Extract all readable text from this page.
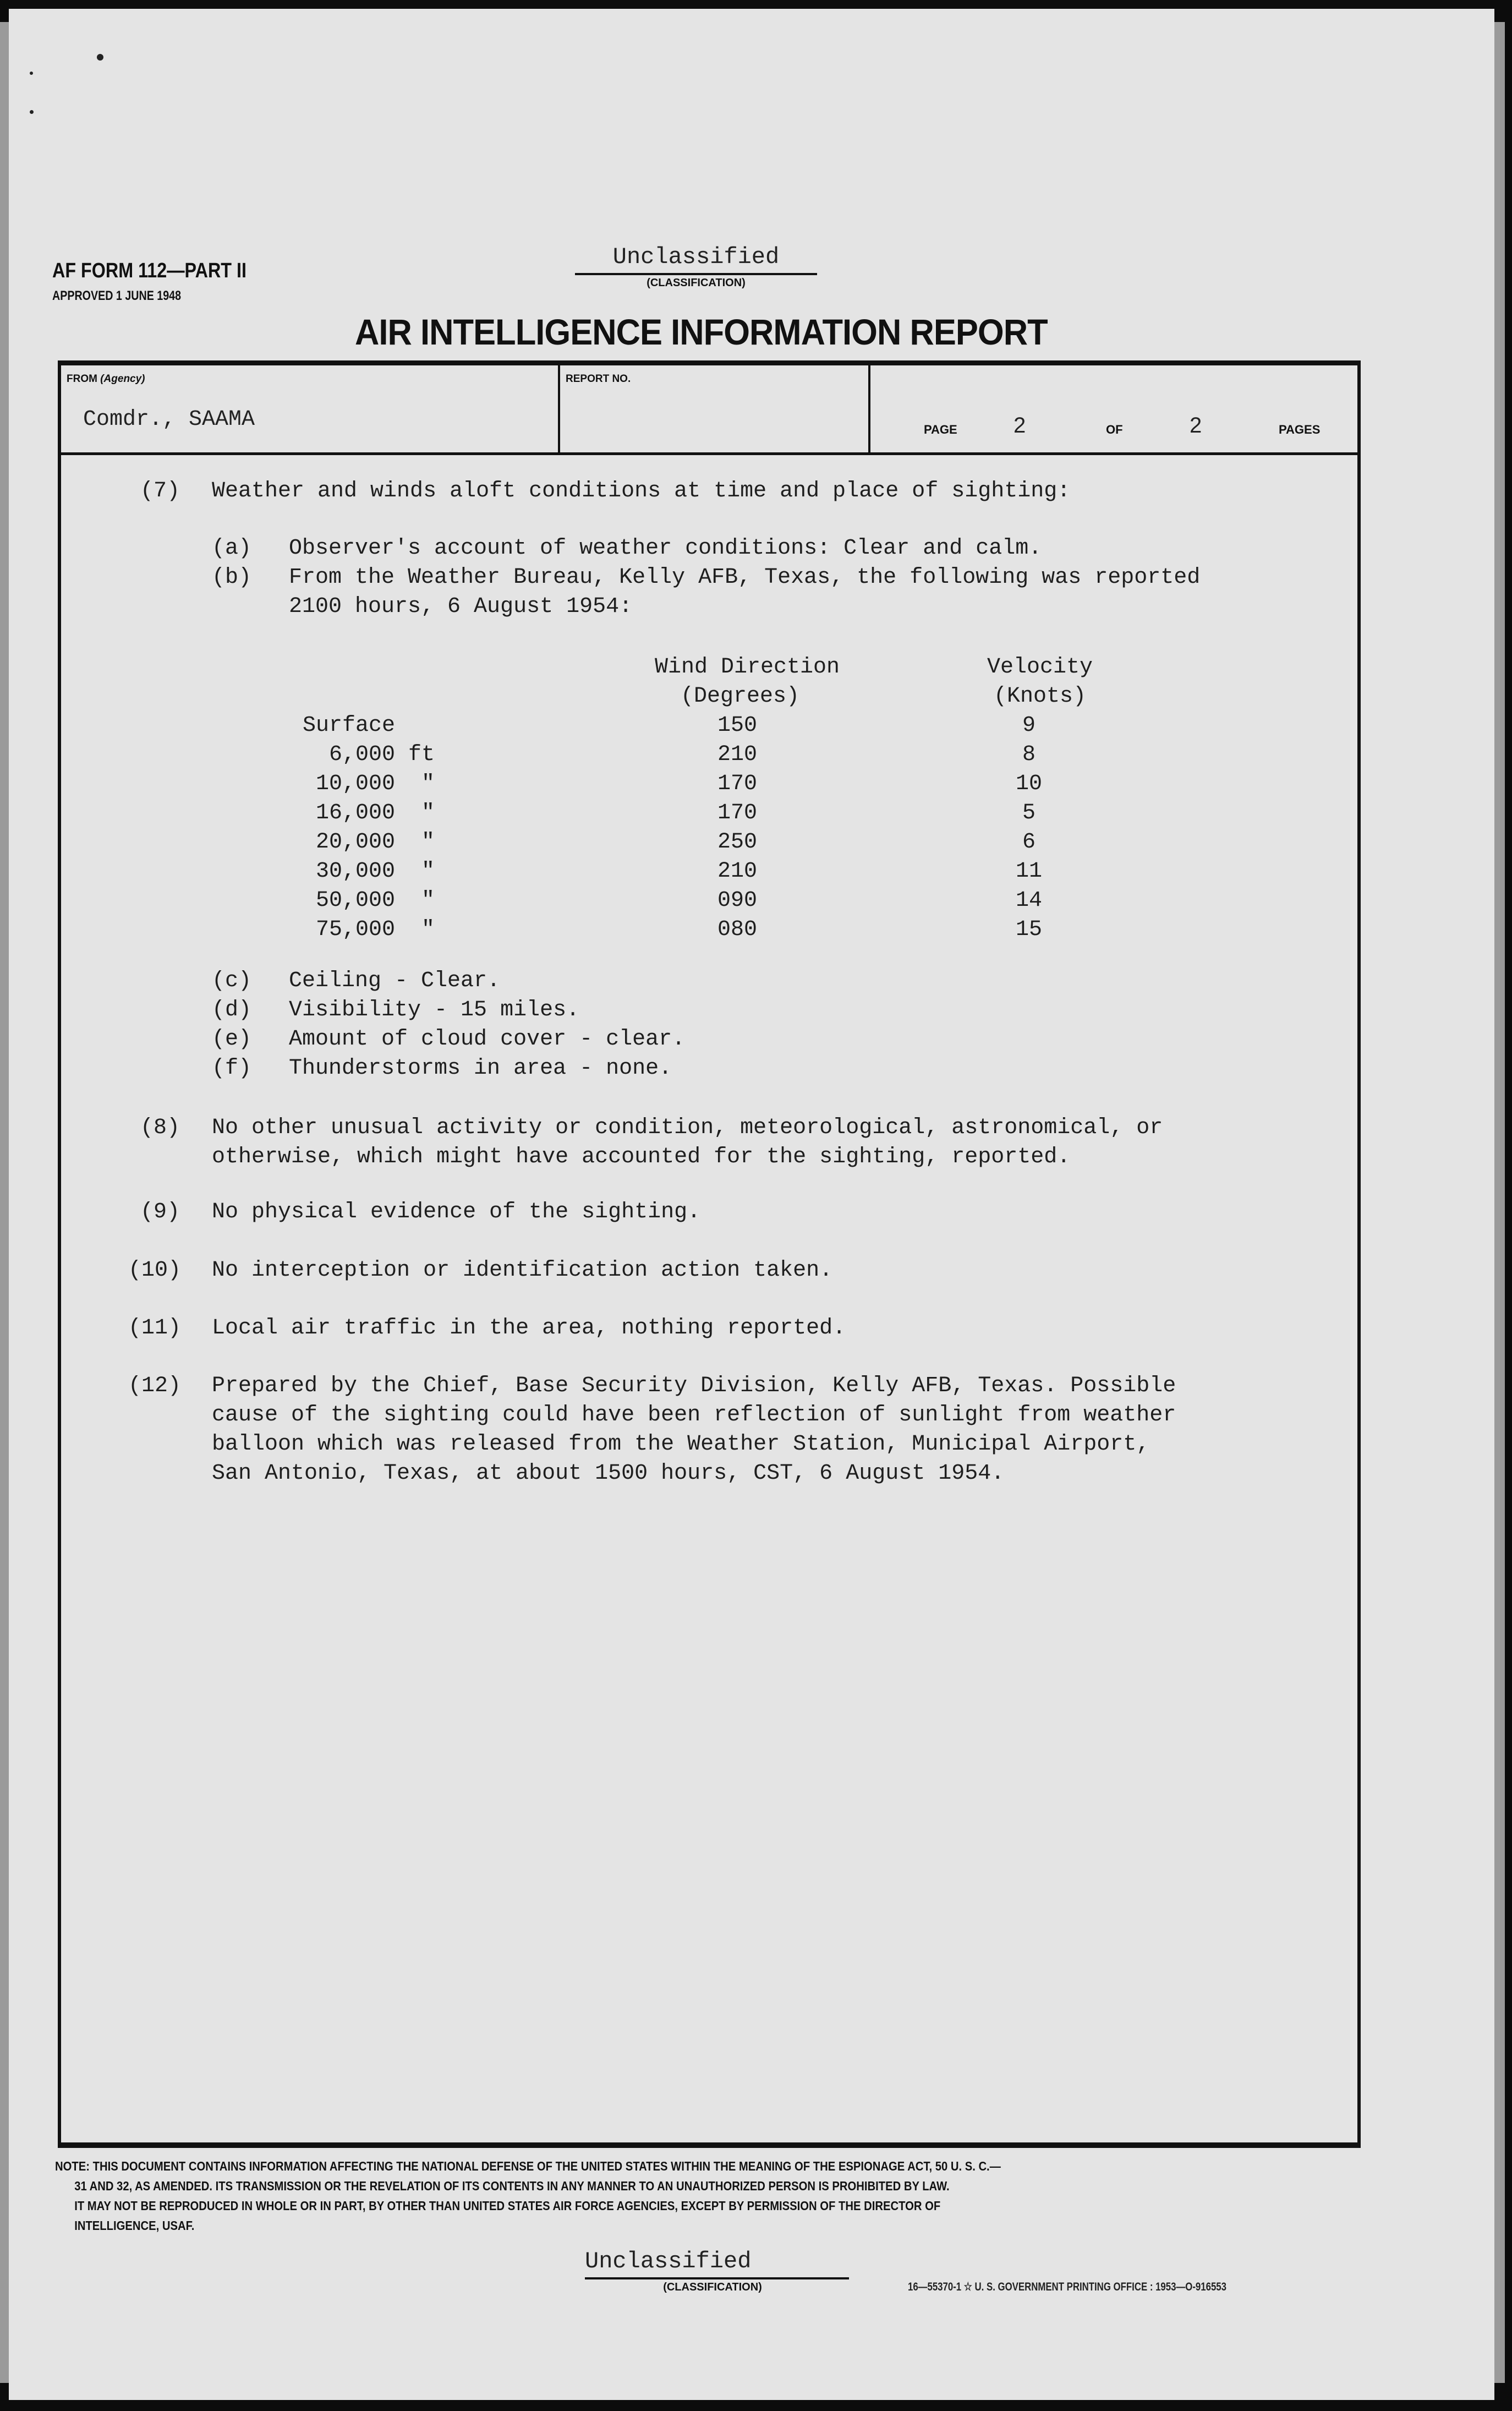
AF FORM 112—PART II
APPROVED 1 JUNE 1948
Unclassified
(CLASSIFICATION)
AIR INTELLIGENCE INFORMATION REPORT
FROM (Agency)
Comdr., SAAMA
REPORT NO.
PAGE	2	OF	2	PAGES
(7)	Weather and winds aloft conditions at time and place of sighting:
(a)	Observer's account of weather conditions: Clear and calm.
(b)	From the Weather Bureau, Kelly AFB, Texas, the following was reported
2100 hours, 6 August 1954:
Wind Direction
(Degrees)
Velocity
(Knots)
Surface	150	9
6,000 ft	210	8
10,000  "	170	10
16,000  "	170	5
20,000  "	250	6
30,000  "	210	11
50,000  "	090	14
75,000  "	080	15
(c)	Ceiling - Clear.
(d)	Visibility - 15 miles.
(e)	Amount of cloud cover - clear.
(f)	Thunderstorms in area - none.
(8)	No other unusual activity or condition, meteorological, astronomical, or
otherwise, which might have accounted for the sighting, reported.
(9)	No physical evidence of the sighting.
(10)	No interception or identification action taken.
(11)	Local air traffic in the area, nothing reported.
(12)	Prepared by the Chief, Base Security Division, Kelly AFB, Texas. Possible
cause of the sighting could have been reflection of sunlight from weather
balloon which was released from the Weather Station, Municipal Airport,
San Antonio, Texas, at about 1500 hours, CST, 6 August 1954.
NOTE: THIS DOCUMENT CONTAINS INFORMATION AFFECTING THE NATIONAL DEFENSE OF THE UNITED STATES WITHIN THE MEANING OF THE ESPIONAGE ACT, 50 U. S. C.—
31 AND 32, AS AMENDED. ITS TRANSMISSION OR THE REVELATION OF ITS CONTENTS IN ANY MANNER TO AN UNAUTHORIZED PERSON IS PROHIBITED BY LAW.
IT MAY NOT BE REPRODUCED IN WHOLE OR IN PART, BY OTHER THAN UNITED STATES AIR FORCE AGENCIES, EXCEPT BY PERMISSION OF THE DIRECTOR OF
INTELLIGENCE, USAF.
Unclassified
(CLASSIFICATION)	16—55370-1 ☆ U. S. GOVERNMENT PRINTING OFFICE : 1953—O-916553
